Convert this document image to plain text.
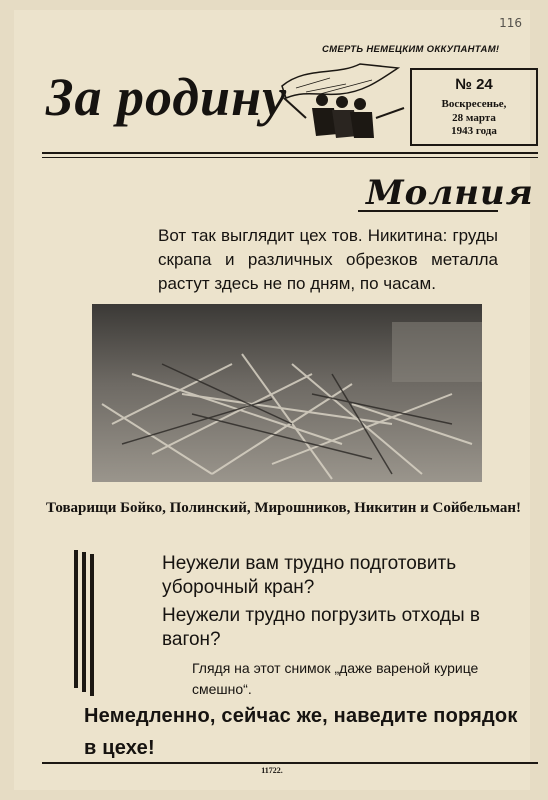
116
СМЕРТЬ НЕМЕЦКИМ ОККУПАНТАМ!
За родину	№ 24
Воскресенье,
28 марта
1943 года
Молния
Вот так выглядит цех тов. Никитина: груды скрапа и различных обрезков металла растут здесь не по дням, по часам.
Товарищи Бойко, Полинский, Мирошников, Никитин и Сойбельман!
Неужели вам трудно подготовить уборочный кран?
Неужели трудно погрузить отходы в вагон?
Глядя на этот снимок „даже вареной курице смешно“.
Немедленно, сейчас же, наведите порядок в цехе!
11722.
